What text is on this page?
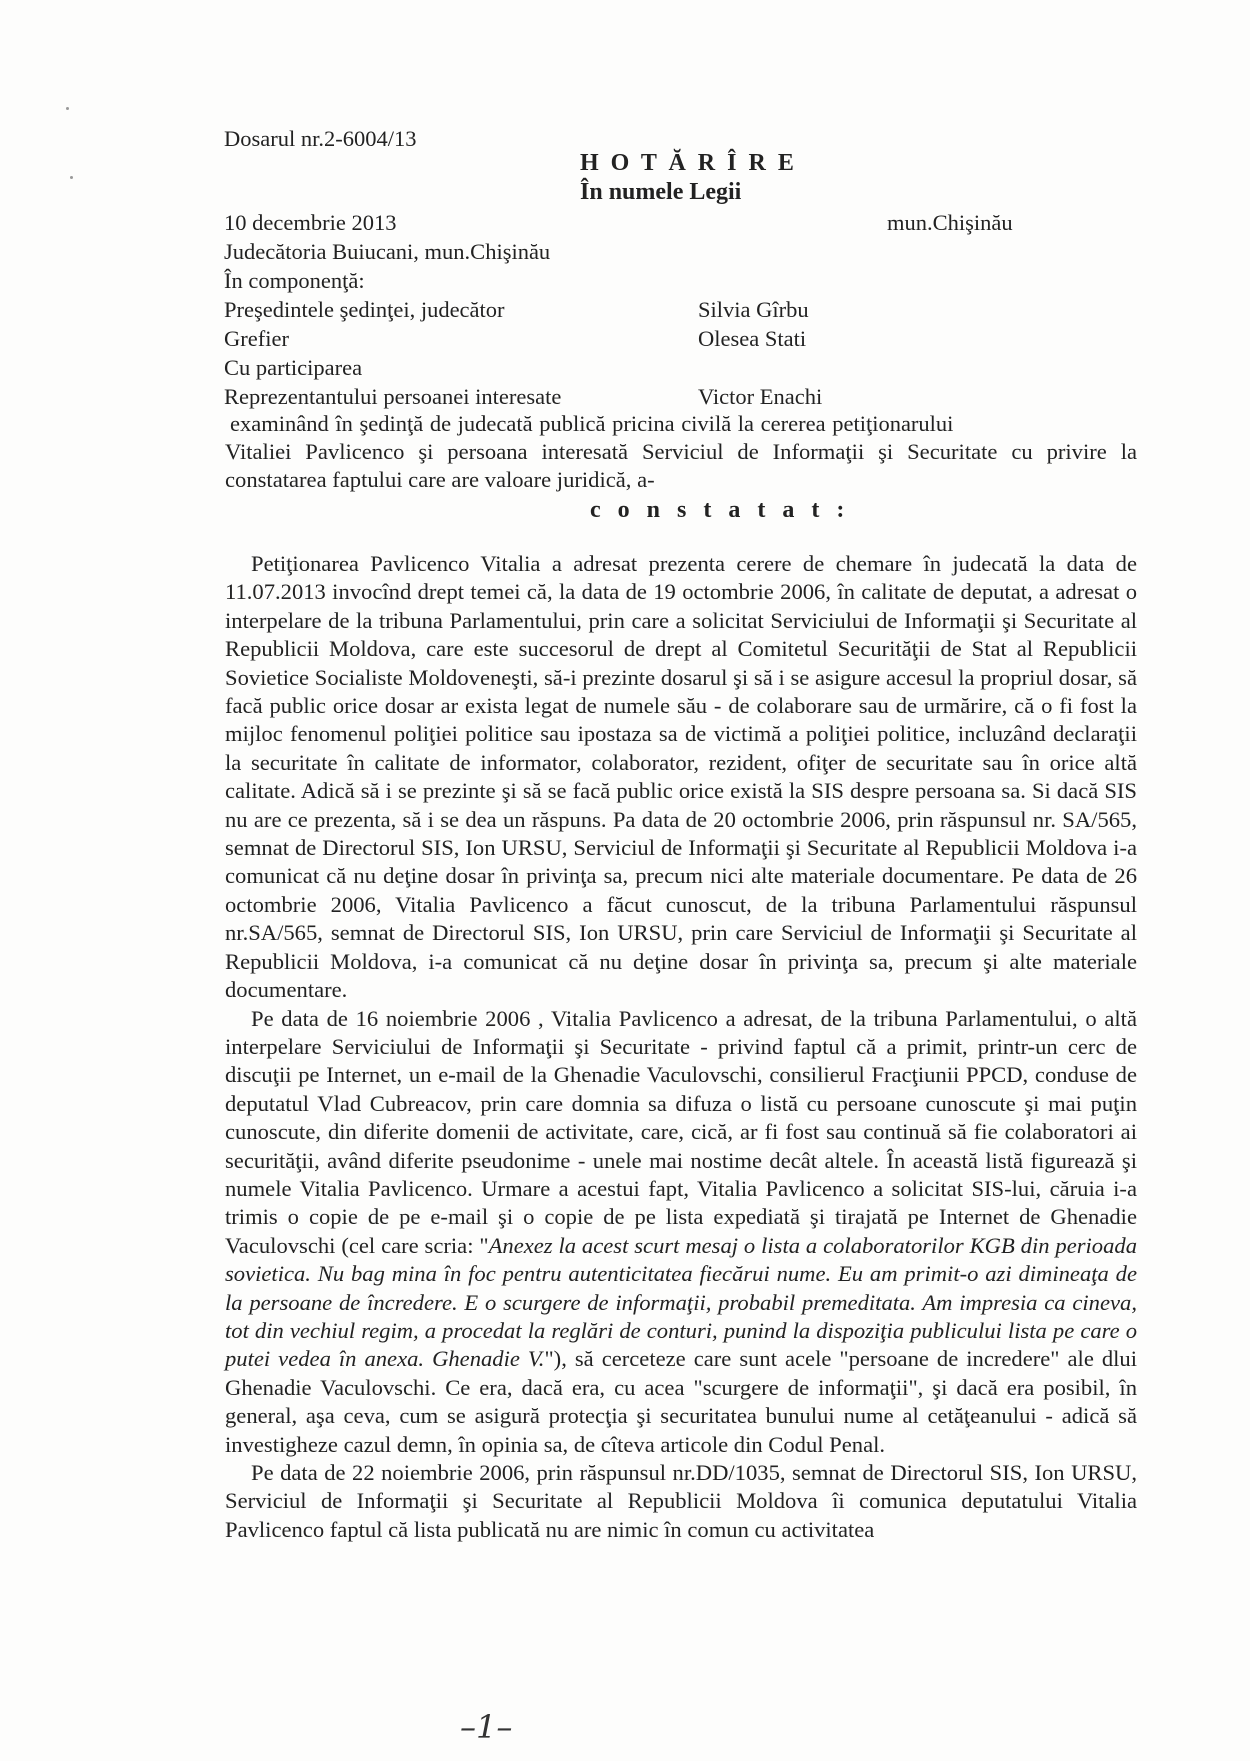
Dosarul nr.2-6004/13
H O T Ă R Î R E
În numele Legii
10 decembrie 2013	mun.Chişinău
Judecătoria Buiucani, mun.Chişinău
În componenţă:
Preşedintele şedinţei, judecător	Silvia Gîrbu
Grefier	Olesea Stati
Cu participarea
Reprezentantului persoanei interesate	Victor Enachi
examinând în şedinţă de judecată publică pricina civilă la cererea petiţionarului

Vitaliei Pavlicenco şi persoana interesată Serviciul de Informaţii şi Securitate cu privire la constatarea faptului care are valoare juridică, a-

c o n s t a t a t :

Petiţionarea Pavlicenco Vitalia a adresat prezenta cerere de chemare în judecată la data de 11.07.2013 invocînd drept temei că, la data de 19 octombrie 2006, în calitate de deputat, a adresat o interpelare de la tribuna Parlamentului, prin care a solicitat Serviciului de Informaţii şi Securitate al Republicii Moldova, care este succesorul de drept al Comitetul Securităţii de Stat al Republicii Sovietice Socialiste Moldoveneşti, să-i prezinte dosarul şi să i se asigure accesul la propriul dosar, să facă public orice dosar ar exista legat de numele său - de colaborare sau de urmărire, că o fi fost la mijloc fenomenul poliţiei politice sau ipostaza sa de victimă a poliţiei politice, incluzând declaraţii la securitate în calitate de informator, colaborator, rezident, ofiţer de securitate sau în orice altă calitate. Adică să i se prezinte şi să se facă public orice există la SIS despre persoana sa. Si dacă SIS nu are ce prezenta, să i se dea un răspuns. Pa data de 20 octombrie 2006, prin răspunsul nr. SA/565, semnat de Directorul SIS, Ion URSU, Serviciul de Informaţii şi Securitate al Republicii Moldova i-a comunicat că nu deţine dosar în privinţa sa, precum nici alte materiale documentare. Pe data de 26 octombrie 2006, Vitalia Pavlicenco a făcut cunoscut, de la tribuna Parlamentului răspunsul nr.SA/565, semnat de Directorul SIS, Ion URSU, prin care Serviciul de Informaţii şi Securitate al Republicii Moldova, i-a comunicat că nu deţine dosar în privinţa sa, precum şi alte materiale documentare.

Pe data de 16 noiembrie 2006 , Vitalia Pavlicenco a adresat, de la tribuna Parlamentului, o altă interpelare Serviciului de Informaţii şi Securitate - privind faptul că a primit, printr-un cerc de discuţii pe Internet, un e-mail de la Ghenadie Vaculovschi, consilierul Fracţiunii PPCD, conduse de deputatul Vlad Cubreacov, prin care domnia sa difuza o listă cu persoane cunoscute şi mai puţin cunoscute, din diferite domenii de activitate, care, cică, ar fi fost sau continuă să fie colaboratori ai securităţii, având diferite pseudonime - unele mai nostime decât altele. În această listă figurează şi numele Vitalia Pavlicenco. Urmare a acestui fapt, Vitalia Pavlicenco a solicitat SIS-lui, căruia i-a trimis o copie de pe e-mail şi o copie de pe lista expediată şi tirajată pe Internet de Ghenadie Vaculovschi (cel care scria: "Anexez la acest scurt mesaj o lista a colaboratorilor KGB din perioada sovietica. Nu bag mina în foc pentru autenticitatea fiecărui nume. Eu am primit-o azi dimineaţa de la persoane de încredere. E o scurgere de informaţii, probabil premeditata. Am impresia ca cineva, tot din vechiul regim, a procedat la reglări de conturi, punind la dispoziţia publicului lista pe care o putei vedea în anexa. Ghenadie V."), să cerceteze care sunt acele "persoane de incredere" ale dlui Ghenadie Vaculovschi. Ce era, dacă era, cu acea "scurgere de informaţii", şi dacă era posibil, în general, aşa ceva, cum se asigură protecţia şi securitatea bunului nume al cetăţeanului - adică să investigheze cazul demn, în opinia sa, de cîteva articole din Codul Penal.

Pe data de 22 noiembrie 2006, prin răspunsul nr.DD/1035, semnat de Directorul SIS, Ion URSU, Serviciul de Informaţii şi Securitate al Republicii Moldova îi comunica deputatului Vitalia Pavlicenco faptul că lista publicată nu are nimic în comun cu activitatea

–1–
